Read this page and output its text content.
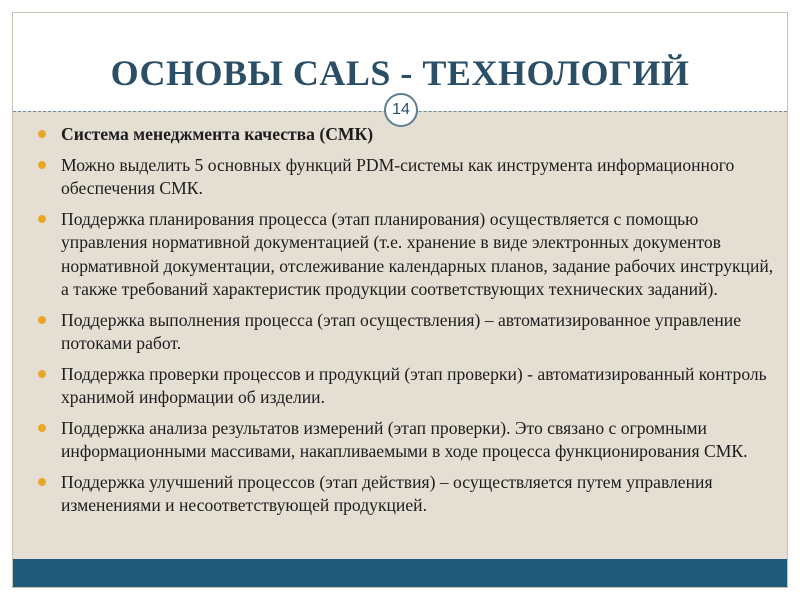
ОСНОВЫ CALS - ТЕХНОЛОГИЙ
14
Система менеджмента качества (СМК)
Можно выделить 5 основных функций PDM-системы как инструмента информационного обеспечения СМК.
Поддержка планирования процесса (этап планирования) осуществляется с помощью управления нормативной документацией (т.е. хранение в виде электронных документов нормативной документации, отслеживание календарных планов, задание рабочих инструкций, а также требований характеристик продукции соответствующих технических заданий).
Поддержка выполнения процесса (этап осуществления) – автоматизированное управление потоками работ.
Поддержка проверки процессов и продукций (этап проверки) - автоматизированный контроль хранимой информации об изделии.
Поддержка анализа результатов измерений (этап проверки). Это связано с огромными информационными массивами, накапливаемыми в ходе процесса функционирования СМК.
Поддержка улучшений процессов (этап действия) – осуществляется путем управления изменениями и несоответствующей продукцией.
